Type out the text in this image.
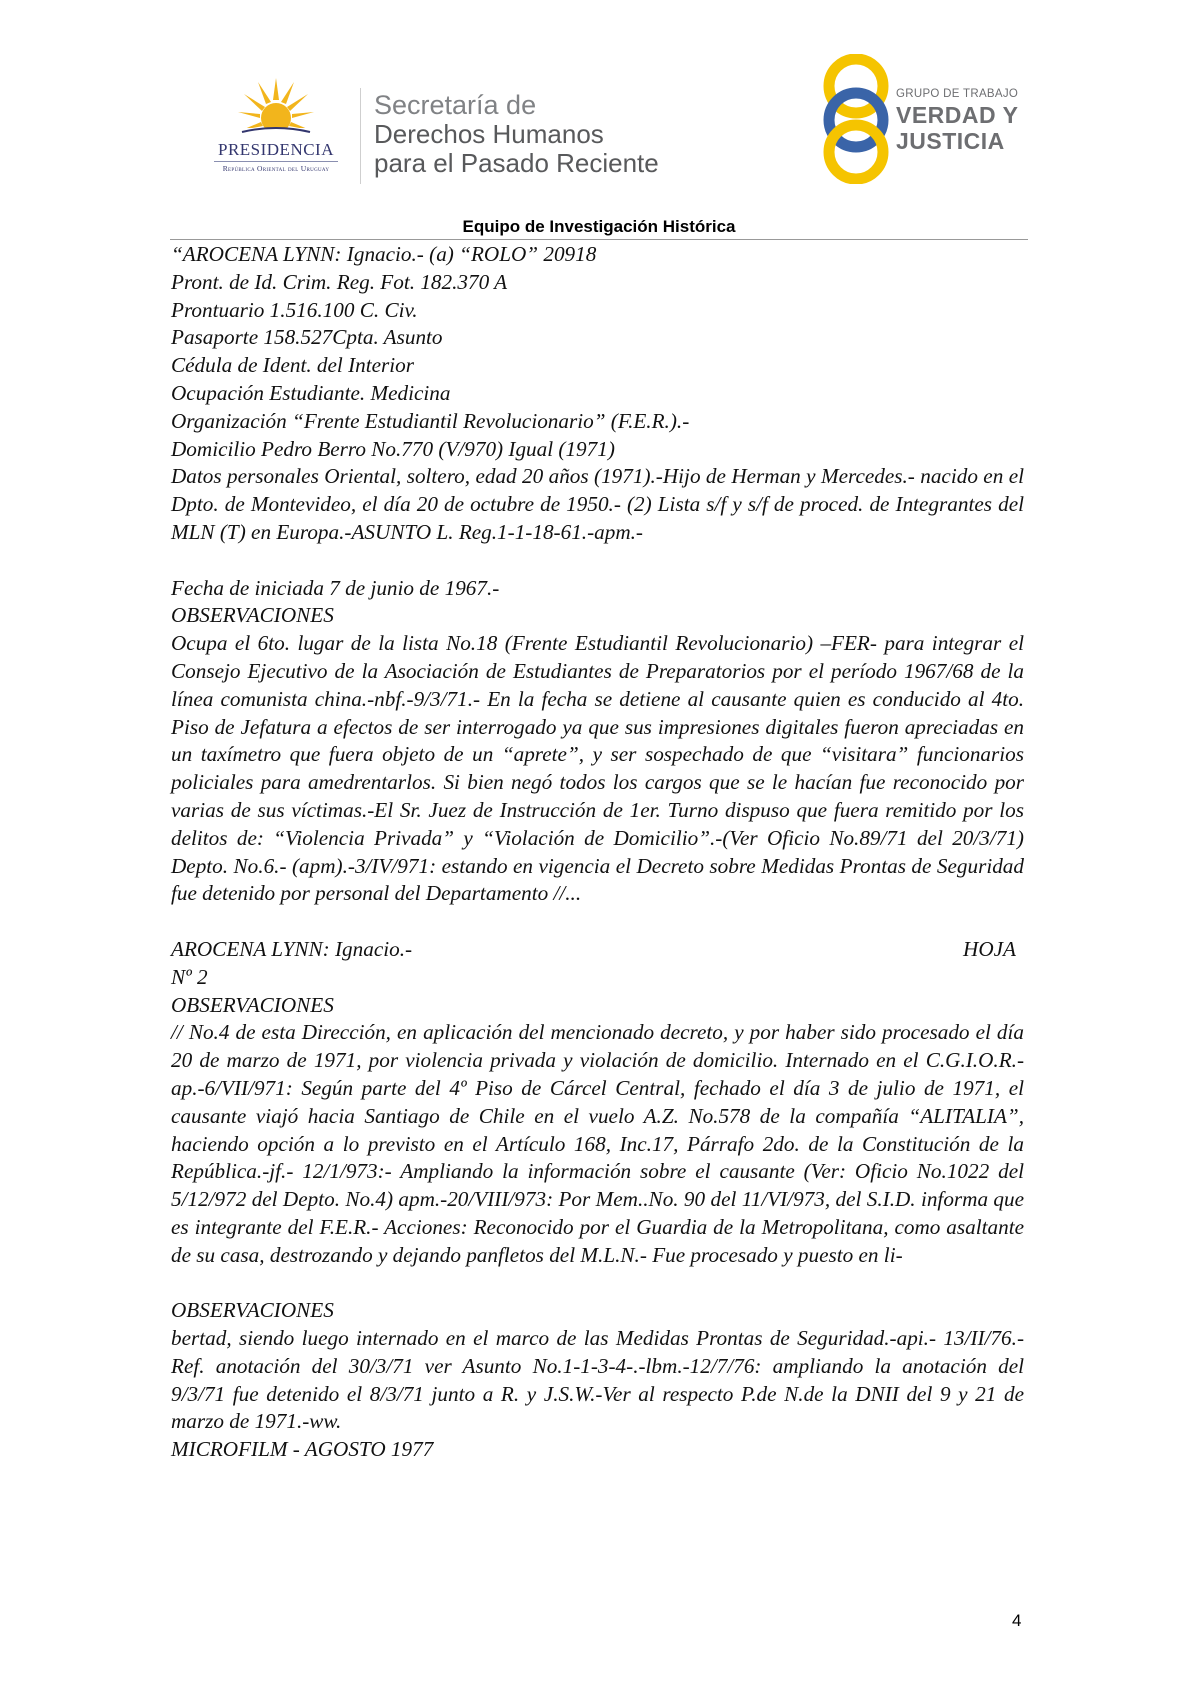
PRESIDENCIA
República Oriental del Uruguay
Secretaría de
Derechos Humanos
para el Pasado Reciente
GRUPO DE TRABAJO
VERDAD Y
JUSTICIA
Equipo de Investigación Histórica

“AROCENA LYNN: Ignacio.- (a) “ROLO” 20918

Pront. de Id. Crim. Reg. Fot. 182.370 A

Prontuario 1.516.100 C. Civ.

Pasaporte 158.527Cpta. Asunto

Cédula de Ident. del Interior

Ocupación Estudiante. Medicina

Organización “Frente Estudiantil Revolucionario” (F.E.R.).-

Domicilio Pedro Berro No.770 (V/970) Igual (1971)

Datos personales Oriental, soltero, edad 20 años (1971).-Hijo de Herman y Mercedes.- nacido en el Dpto. de Montevideo, el día 20 de octubre de 1950.- (2) Lista s/f y s/f de proced. de Integrantes del MLN (T) en Europa.-ASUNTO L. Reg.1-1-18-61.-apm.-

Fecha de iniciada 7 de junio de 1967.-

OBSERVACIONES

Ocupa el 6to. lugar de la lista No.18 (Frente Estudiantil Revolucionario) –FER- para integrar el Consejo Ejecutivo de la Asociación de Estudiantes de Preparatorios por el período 1967/68 de la línea comunista china.-nbf.-9/3/71.- En la fecha se detiene al causante quien es conducido al 4to. Piso de Jefatura a efectos de ser interrogado ya que sus impresiones digitales fueron apreciadas en un taxímetro que fuera objeto de un “aprete”, y ser sospechado de que “visitara” funcionarios policiales para amedrentarlos. Si bien negó todos los cargos que se le hacían fue reconocido por varias de sus víctimas.-El Sr. Juez de Instrucción de 1er. Turno dispuso que fuera remitido por los delitos de: “Violencia Privada” y “Violación de Domicilio”.-(Ver Oficio No.89/71 del 20/3/71) Depto. No.6.- (apm).-3/IV/971: estando en vigencia el Decreto sobre Medidas Prontas de Seguridad fue detenido por personal del Departamento //...

AROCENA LYNN: Ignacio.-	HOJA

Nº 2

OBSERVACIONES

// No.4 de esta Dirección, en aplicación del mencionado decreto, y por haber sido procesado el día 20 de marzo de 1971, por violencia privada y violación de domicilio. Internado en el C.G.I.O.R.-ap.-6/VII/971: Según parte del 4º Piso de Cárcel Central, fechado el día 3 de julio de 1971, el causante viajó hacia Santiago de Chile en el vuelo A.Z. No.578 de la compañía “ALITALIA”, haciendo opción a lo previsto en el Artículo 168, Inc.17, Párrafo 2do. de la Constitución de la República.-jf.- 12/1/973:- Ampliando la información sobre el causante (Ver: Oficio No.1022 del 5/12/972 del Depto. No.4) apm.-20/VIII/973: Por Mem..No. 90 del 11/VI/973, del S.I.D. informa que es integrante del F.E.R.- Acciones: Reconocido por el Guardia de la Metropolitana, como asaltante de su casa, destrozando y dejando panfletos del M.L.N.- Fue procesado y puesto en li-

OBSERVACIONES

bertad, siendo luego internado en el marco de las Medidas Prontas de Seguridad.-api.- 13/II/76.-Ref. anotación del 30/3/71 ver Asunto No.1-1-3-4-.-lbm.-12/7/76: ampliando la anotación del 9/3/71 fue detenido el 8/3/71 junto a R. y J.S.W.-Ver al respecto P.de N.de la DNII del 9 y 21 de marzo de 1971.-ww.

MICROFILM - AGOSTO 1977

4
